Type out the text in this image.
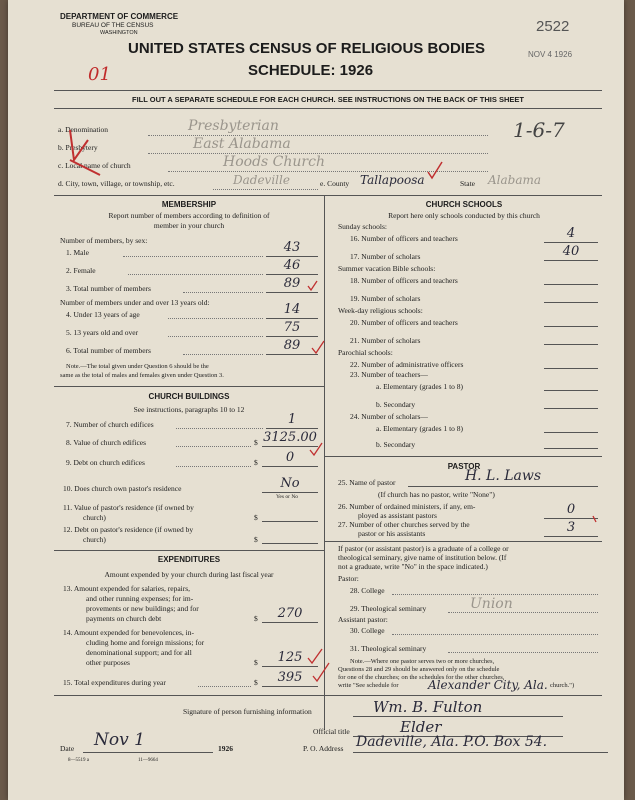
DEPARTMENT OF COMMERCE
BUREAU OF THE CENSUS
WASHINGTON
UNITED STATES CENSUS OF RELIGIOUS BODIES
SCHEDULE: 1926
2522
NOV 4 1926
01
FILL OUT A SEPARATE SCHEDULE FOR EACH CHURCH. SEE INSTRUCTIONS ON THE BACK OF THIS SHEET
a. Denomination	Presbyterian	1-6-7
b. Presbytery	East Alabama
c. Local name of church	Hoods Church
d. City, town, village, or township, etc.	Dadeville	e. County Tallapoosa	State Alabama
MEMBERSHIP
Report number of members according to definition of
member in your church
Number of members, by sex:
1. Male	43
2. Female	46
3. Total number of members	89
Number of members under and over 13 years old:
4. Under 13 years of age	14
5. 13 years old and over	75
6. Total number of members	89
Note.—The total given under Question 6 should be the
same as the total of males and females given under Question 3.
CHURCH BUILDINGS
See instructions, paragraphs 10 to 12
7. Number of church edifices	1
8. Value of church edifices	$ 3125.00
9. Debt on church edifices	$	0
10. Does church own pastor's residence	No
Yes or No
11. Value of pastor's residence (if owned by
church)	$
12. Debt on pastor's residence (if owned by
church)	$
EXPENDITURES
Amount expended by your church during last fiscal year
13. Amount expended for salaries, repairs,
and other running expenses; for im-
provements or new buildings; and for
payments on church debt	$	270
14. Amount expended for benevolences, in-
cluding home and foreign missions; for
denominational support; and for all
other purposes	$	125
15. Total expenditures during year	$	395
CHURCH SCHOOLS
Report here only schools conducted by this church
Sunday schools:
16. Number of officers and teachers	4
17. Number of scholars	40
Summer vacation Bible schools:
18. Number of officers and teachers
19. Number of scholars
Week-day religious schools:
20. Number of officers and teachers
21. Number of scholars
Parochial schools:
22. Number of administrative officers
23. Number of teachers—
a. Elementary (grades 1 to 8)
b. Secondary
24. Number of scholars—
a. Elementary (grades 1 to 8)
b. Secondary
PASTOR
25. Name of pastor	H. L. Laws
(If church has no pastor, write "None")
26. Number of ordained ministers, if any, em-
ployed as assistant pastors	0
27. Number of other churches served by the
pastor or his assistants	3
If pastor (or assistant pastor) is a graduate of a college or
theological seminary, give name of institution below. (If
not a graduate, write "No" in the space indicated.)
Pastor:
28. College
29. Theological seminary	Union
Assistant pastor:
30. College
31. Theological seminary
Note.—Where one pastor serves two or more churches,
Questions 28 and 29 should be answered only on the schedule
for one of the churches; on the schedules for the other churches,
write "See schedule for Alexander City, Ala. church.")
Signature of person furnishing information	Wm. B. Fulton
Official title	Elder
Date Nov 1	1926	P. O. Address Dadeville, Ala. P.O. Box 54.
8—5519 a	11—9664
